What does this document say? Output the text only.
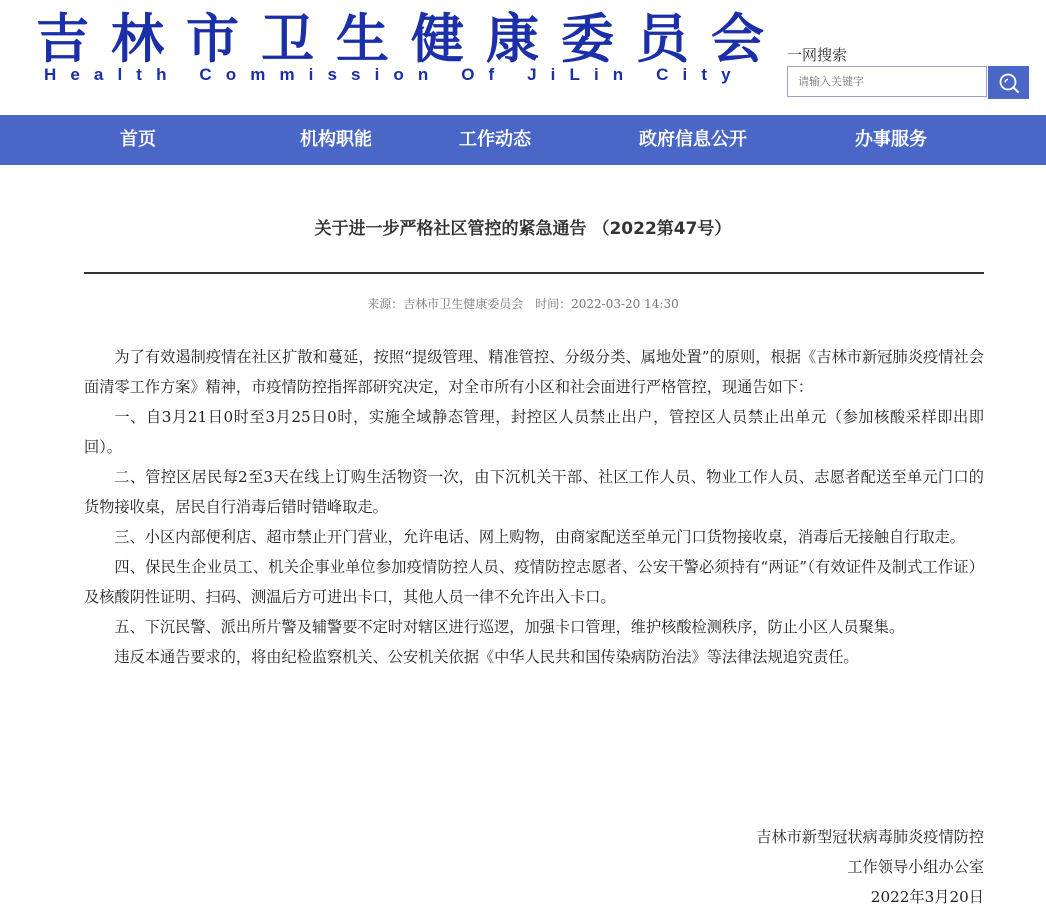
吉林市卫生健康委员会
Health Commission Of JiLin City
一网搜索
请输入关键字
首页	机构职能	工作动态	政府信息公开	办事服务
关于进一步严格社区管控的紧急通告 （2022第47号）
来源：吉林市卫生健康委员会 时间：2022-03-20 14:30

为了有效遏制疫情在社区扩散和蔓延，按照“提级管理、精准管控、分级分类、属地处置”的原则，根据《吉林市新冠肺炎疫情社会面清零工作方案》精神，市疫情防控指挥部研究决定，对全市所有小区和社会面进行严格管控，现通告如下：

一、自3月21日0时至3月25日0时，实施全域静态管理，封控区人员禁止出户，管控区人员禁止出单元（参加核酸采样即出即回）。

二、管控区居民每2至3天在线上订购生活物资一次，由下沉机关干部、社区工作人员、物业工作人员、志愿者配送至单元门口的货物接收桌，居民自行消毒后错时错峰取走。

三、小区内部便利店、超市禁止开门营业，允许电话、网上购物，由商家配送至单元门口货物接收桌，消毒后无接触自行取走。

四、保民生企业员工、机关企事业单位参加疫情防控人员、疫情防控志愿者、公安干警必须持有“两证”（有效证件及制式工作证）及核酸阴性证明、扫码、测温后方可进出卡口，其他人员一律不允许出入卡口。

五、下沉民警、派出所片警及辅警要不定时对辖区进行巡逻，加强卡口管理，维护核酸检测秩序，防止小区人员聚集。

违反本通告要求的，将由纪检监察机关、公安机关依据《中华人民共和国传染病防治法》等法律法规追究责任。

吉林市新型冠状病毒肺炎疫情防控
工作领导小组办公室
2022年3月20日
